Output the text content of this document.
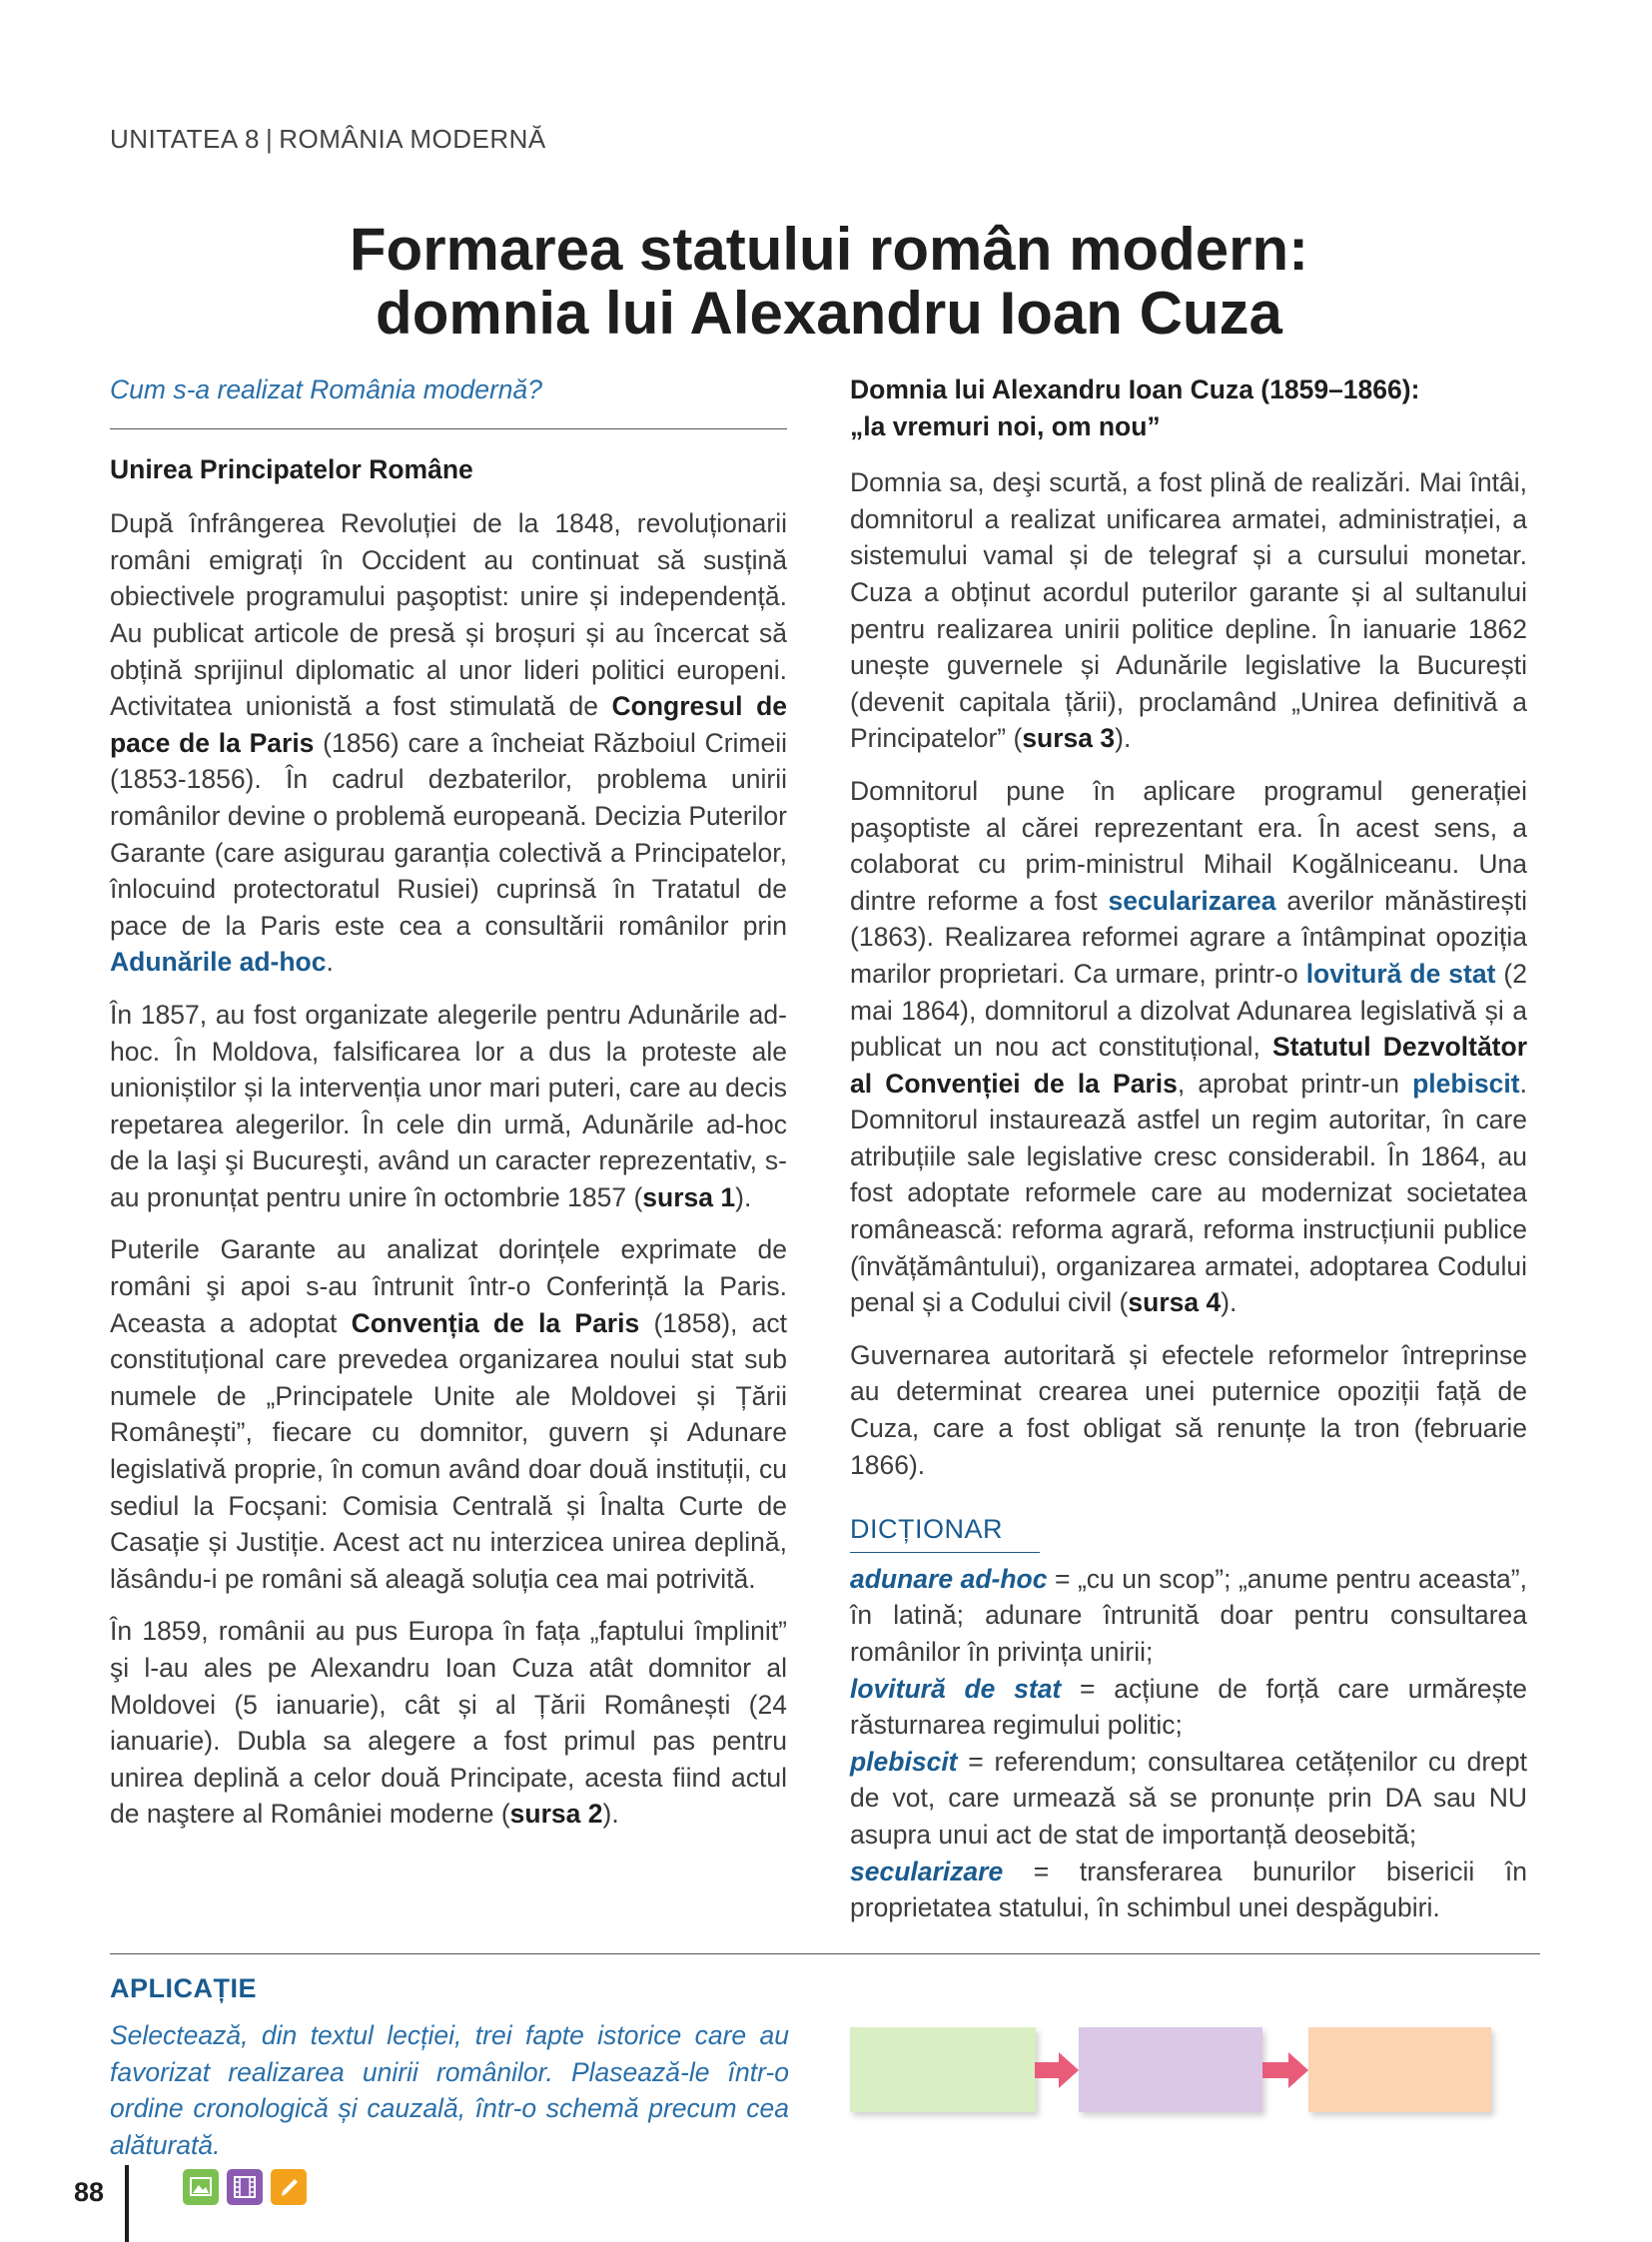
UNITATEA 8 | ROMÂNIA MODERNĂ
Formarea statului român modern:
domnia lui Alexandru Ioan Cuza

Cum s-a realizat România modernă?

Unirea Principatelor Române

După înfrângerea Revoluției de la 1848, revoluționarii români emigrați în Occident au continuat să susțină obiectivele programului paşoptist: unire și independență. Au publicat articole de presă și broșuri și au încercat să obțină sprijinul diplomatic al unor lideri politici europeni. Activitatea unionistă a fost stimulată de Congresul de pace de la Paris (1856) care a încheiat Războiul Crimeii (1853-1856). În cadrul dezbaterilor, problema unirii românilor devine o problemă europeană. Decizia Puterilor Garante (care asigurau garanția colectivă a Principatelor, înlocuind protectoratul Rusiei) cuprinsă în Tratatul de pace de la Paris este cea a consultării românilor prin Adunările ad-hoc.

În 1857, au fost organizate alegerile pentru Adunările ad-hoc. În Moldova, falsificarea lor a dus la proteste ale unioniștilor și la intervenția unor mari puteri, care au decis repetarea alegerilor. În cele din urmă, Adunările ad-hoc de la Iaşi şi Bucureşti, având un caracter reprezentativ, s-au pronunțat pentru unire în octombrie 1857 (sursa 1).

Puterile Garante au analizat dorințele exprimate de români şi apoi s-au întrunit într-o Conferință la Paris. Aceasta a adoptat Convenția de la Paris (1858), act constituțional care prevedea organizarea noului stat sub numele de „Principatele Unite ale Moldovei și Țării Românești”, fiecare cu domnitor, guvern și Adunare legislativă proprie, în comun având doar două instituții, cu sediul la Focșani: Comisia Centrală și Înalta Curte de Casație și Justiție. Acest act nu interzicea unirea deplină, lăsându-i pe români să aleagă soluția cea mai potrivită.

În 1859, românii au pus Europa în fața „faptului împlinit” şi l-au ales pe Alexandru Ioan Cuza atât domnitor al Moldovei (5 ianuarie), cât și al Țării Românești (24 ianuarie). Dubla sa alegere a fost primul pas pentru unirea deplină a celor două Principate, acesta fiind actul de naştere al României moderne (sursa 2).

Domnia lui Alexandru Ioan Cuza (1859–1866):
„la vremuri noi, om nou”

Domnia sa, deşi scurtă, a fost plină de realizări. Mai întâi, domnitorul a realizat unificarea armatei, administrației, a sistemului vamal și de telegraf și a cursului monetar. Cuza a obținut acordul puterilor garante și al sultanului pentru realizarea unirii politice depline. În ianuarie 1862 unește guvernele și Adunările legislative la București (devenit capitala țării), proclamând „Unirea definitivă a Principatelor” (sursa 3).

Domnitorul pune în aplicare programul generației paşoptiste al cărei reprezentant era. În acest sens, a colaborat cu prim-ministrul Mihail Kogălniceanu. Una dintre reforme a fost secularizarea averilor mănăstirești (1863). Realizarea reformei agrare a întâmpinat opoziția marilor proprietari. Ca urmare, printr-o lovitură de stat (2 mai 1864), domnitorul a dizolvat Adunarea legislativă și a publicat un nou act constituțional, Statutul Dezvoltător al Convenției de la Paris, aprobat printr-un plebiscit. Domnitorul instaurează astfel un regim autoritar, în care atribuțiile sale legislative cresc considerabil. În 1864, au fost adoptate reformele care au modernizat societatea românească: reforma agrară, reforma instrucțiunii publice (învățământului), organizarea armatei, adoptarea Codului penal și a Codului civil (sursa 4).

Guvernarea autoritară și efectele reformelor întreprinse au determinat crearea unei puternice opoziții față de Cuza, care a fost obligat să renunțe la tron (februarie 1866).

DICȚIONAR

adunare ad-hoc = „cu un scop”; „anume pentru aceasta”, în latină; adunare întrunită doar pentru consultarea românilor în privința unirii;

lovitură de stat = acțiune de forță care urmărește răsturnarea regimului politic;

plebiscit = referendum; consultarea cetățenilor cu drept de vot, care urmează să se pronunțe prin DA sau NU asupra unui act de stat de importanță deosebită;

secularizare = transferarea bunurilor bisericii în proprietatea statului, în schimbul unei despăgubiri.

APLICAȚIE
Selectează, din textul lecției, trei fapte istorice care au favorizat realizarea unirii românilor. Plasează-le într-o ordine cronologică și cauzală, într-o schemă precum cea alăturată.
88
